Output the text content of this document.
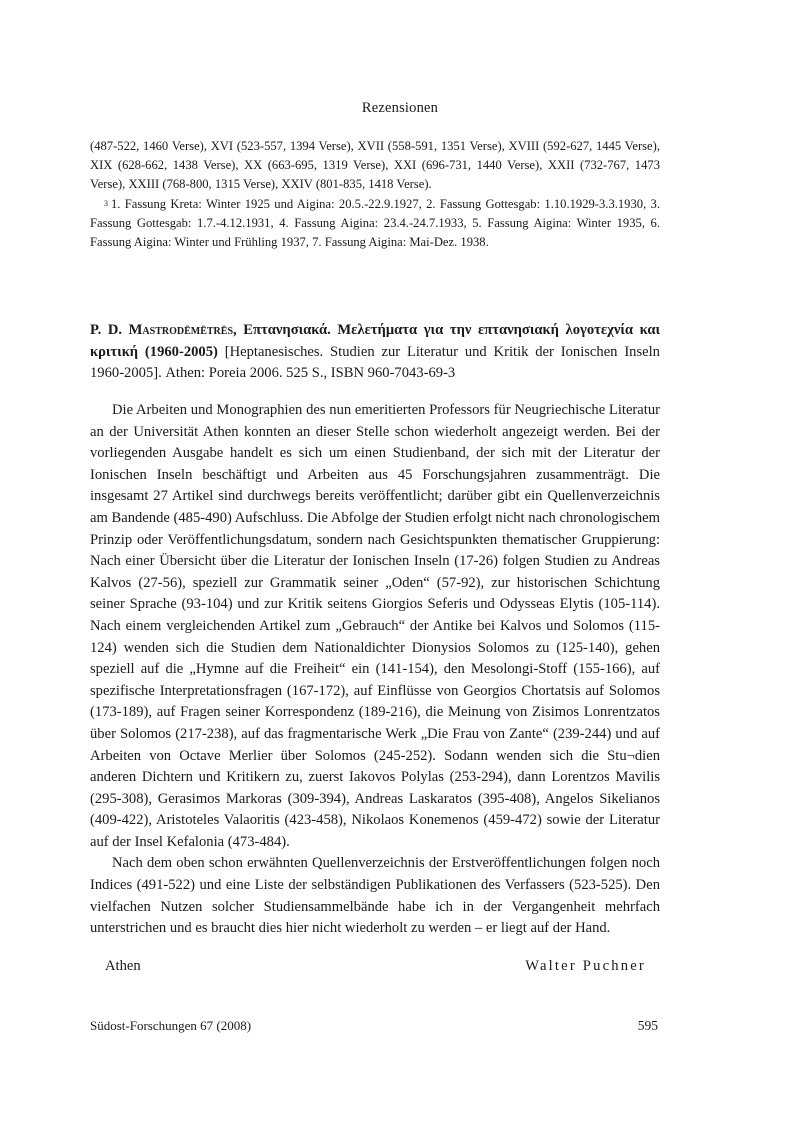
Rezensionen

(487-522, 1460 Verse), XVI (523-557, 1394 Verse), XVII (558-591, 1351 Verse), XVIII (592-627, 1445 Verse), XIX (628-662, 1438 Verse), XX (663-695, 1319 Verse), XXI (696-731, 1440 Verse), XXII (732-767, 1473 Verse), XXIII (768-800, 1315 Verse), XXIV (801-835, 1418 Verse).

$^3$ 1. Fassung Kreta: Winter 1925 und Aigina: 20.5.-22.9.1927, 2. Fassung Gottesgab: 1.10.1929-3.3.1930, 3. Fassung Gottesgab: 1.7.-4.12.1931, 4. Fassung Aigina: 23.4.-24.7.1933, 5. Fassung Aigina: Winter 1935, 6. Fassung Aigina: Winter und Frühling 1937, 7. Fassung Aigina: Mai-Dez. 1938.

P. D. Mastrodēmētrēs, Επτανησιακά. Μελετήματα για την επτανησιακή λογοτεχνία και κριτική (1960-2005) [Heptanesisches. Studien zur Literatur und Kritik der Ionischen Inseln 1960-2005]. Athen: Poreia 2006. 525 S., ISBN 960-7043-69-3

Die Arbeiten und Monographien des nun emeritierten Professors für Neugriechische Literatur an der Universität Athen konnten an dieser Stelle schon wiederholt angezeigt werden. Bei der vorliegenden Ausgabe handelt es sich um einen Studienband, der sich mit der Literatur der Ionischen Inseln beschäftigt und Arbeiten aus 45 Forschungsjahren zusammenträgt. Die insgesamt 27 Artikel sind durchwegs bereits veröffentlicht; darüber gibt ein Quellenverzeichnis am Bandende (485-490) Aufschluss. Die Abfolge der Studien erfolgt nicht nach chronologischem Prinzip oder Veröffentlichungsdatum, sondern nach Gesichtspunkten thematischer Gruppierung: Nach einer Übersicht über die Literatur der Ionischen Inseln (17-26) folgen Studien zu Andreas Kalvos (27-56), speziell zur Grammatik seiner „Oden“ (57-92), zur historischen Schichtung seiner Sprache (93-104) und zur Kritik seitens Giorgios Seferis und Odysseas Elytis (105-114). Nach einem vergleichenden Artikel zum „Gebrauch“ der Antike bei Kalvos und Solomos (115-124) wenden sich die Studien dem Nationaldichter Dionysios Solomos zu (125-140), gehen speziell auf die „Hymne auf die Freiheit“ ein (141-154), den Mesolongi-Stoff (155-166), auf spezifische Interpretationsfragen (167-172), auf Einflüsse von Georgios Chortatsis auf Solomos (173-189), auf Fragen seiner Korrespondenz (189-216), die Meinung von Zisimos Lonrentzatos über Solomos (217-238), auf das fragmentarische Werk „Die Frau von Zante“ (239-244) und auf Arbeiten von Octave Merlier über Solomos (245-252). Sodann wenden sich die Stu¬dien anderen Dichtern und Kritikern zu, zuerst Iakovos Polylas (253-294), dann Lorentzos Mavilis (295-308), Gerasimos Markoras (309-394), Andreas Laskaratos (395-408), Angelos Sikelianos (409-422), Aristoteles Valaoritis (423-458), Nikolaos Konemenos (459-472) sowie der Literatur auf der Insel Kefalonia (473-484).

Nach dem oben schon erwähnten Quellenverzeichnis der Erstveröffentlichungen folgen noch Indices (491-522) und eine Liste der selbständigen Publikationen des Verfassers (523-525). Den vielfachen Nutzen solcher Studiensammelbände habe ich in der Vergangenheit mehrfach unterstrichen und es braucht dies hier nicht wiederholt zu werden – er liegt auf der Hand.

Athen	Walter Puchner
Südost-Forschungen 67 (2008)	595
